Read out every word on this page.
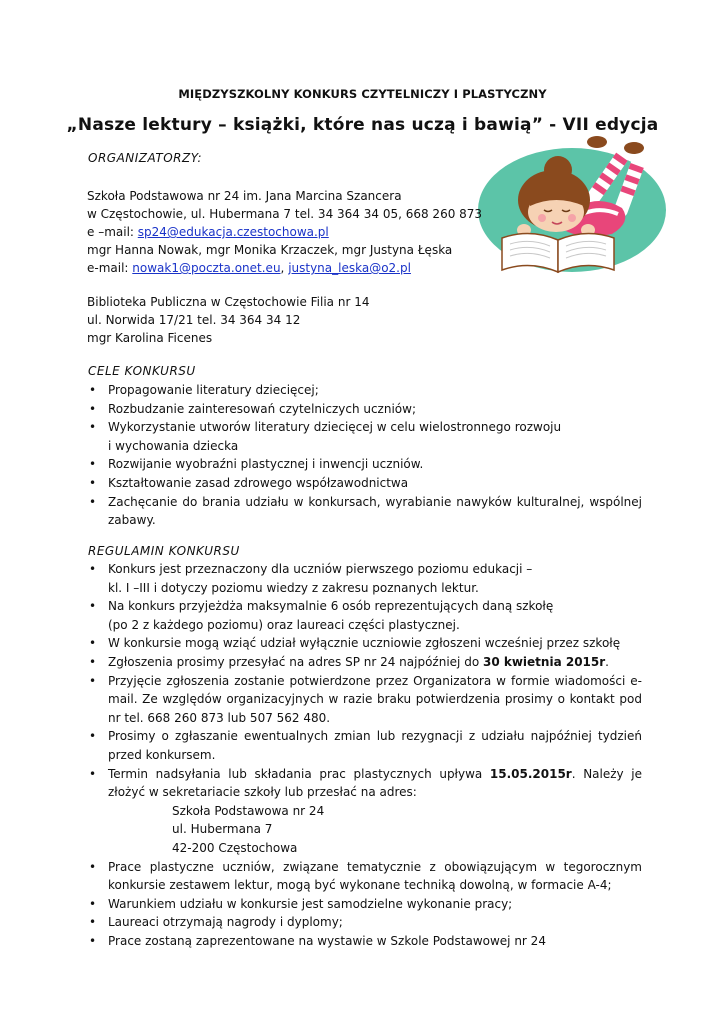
MIĘDZYSZKOLNY KONKURS CZYTELNICZY I PLASTYCZNY
„Nasze lektury – książki, które nas uczą i bawią” - VII edycja
ORGANIZATORZY:
Szkoła Podstawowa nr 24 im. Jana Marcina Szancera
w Częstochowie, ul. Hubermana 7 tel. 34 364 34 05, 668 260 873
e –mail: sp24@edukacja.czestochowa.pl
mgr Hanna Nowak, mgr Monika Krzaczek, mgr Justyna Łęska
e-mail: nowak1@poczta.onet.eu, justyna_leska@o2.pl
Biblioteka Publiczna w Częstochowie Filia nr 14
ul. Norwida 17/21 tel. 34 364 34 12
mgr Karolina Ficenes
CELE KONKURSU
• Propagowanie literatury dziecięcej;
• Rozbudzanie zainteresowań czytelniczych uczniów;
• Wykorzystanie utworów literatury dziecięcej w celu wielostronnego rozwoju
i wychowania dziecka
• Rozwijanie wyobraźni plastycznej i inwencji uczniów.
• Kształtowanie zasad zdrowego współzawodnictwa
• Zachęcanie do brania udziału w konkursach, wyrabianie nawyków kulturalnej, wspólnej zabawy.
REGULAMIN KONKURSU
• Konkurs jest przeznaczony dla uczniów pierwszego poziomu edukacji –
kl. I –III i dotyczy poziomu wiedzy z zakresu poznanych lektur.
• Na konkurs przyjeżdża maksymalnie 6 osób reprezentujących daną szkołę
(po 2 z każdego poziomu) oraz laureaci części plastycznej.
• W konkursie mogą wziąć udział wyłącznie uczniowie zgłoszeni wcześniej przez szkołę
• Zgłoszenia prosimy przesyłać na adres SP nr 24 najpóźniej do 30 kwietnia 2015r.
• Przyjęcie zgłoszenia zostanie potwierdzone przez Organizatora w formie wiadomości e-mail. Ze względów organizacyjnych w razie braku potwierdzenia prosimy o kontakt pod nr tel. 668 260 873 lub 507 562 480.
• Prosimy o zgłaszanie ewentualnych zmian lub rezygnacji z udziału najpóźniej tydzień przed konkursem.
• Termin nadsyłania lub składania prac plastycznych upływa 15.05.2015r. Należy je złożyć w sekretariacie szkoły lub przesłać na adres:
Szkoła Podstawowa nr 24
ul. Hubermana 7
42-200 Częstochowa
• Prace plastyczne uczniów, związane tematycznie z obowiązującym w tegorocznym konkursie zestawem lektur, mogą być wykonane techniką dowolną, w formacie A-4;
• Warunkiem udziału w konkursie jest samodzielne wykonanie pracy;
• Laureaci otrzymają nagrody i dyplomy;
• Prace zostaną zaprezentowane na wystawie w Szkole Podstawowej nr 24
